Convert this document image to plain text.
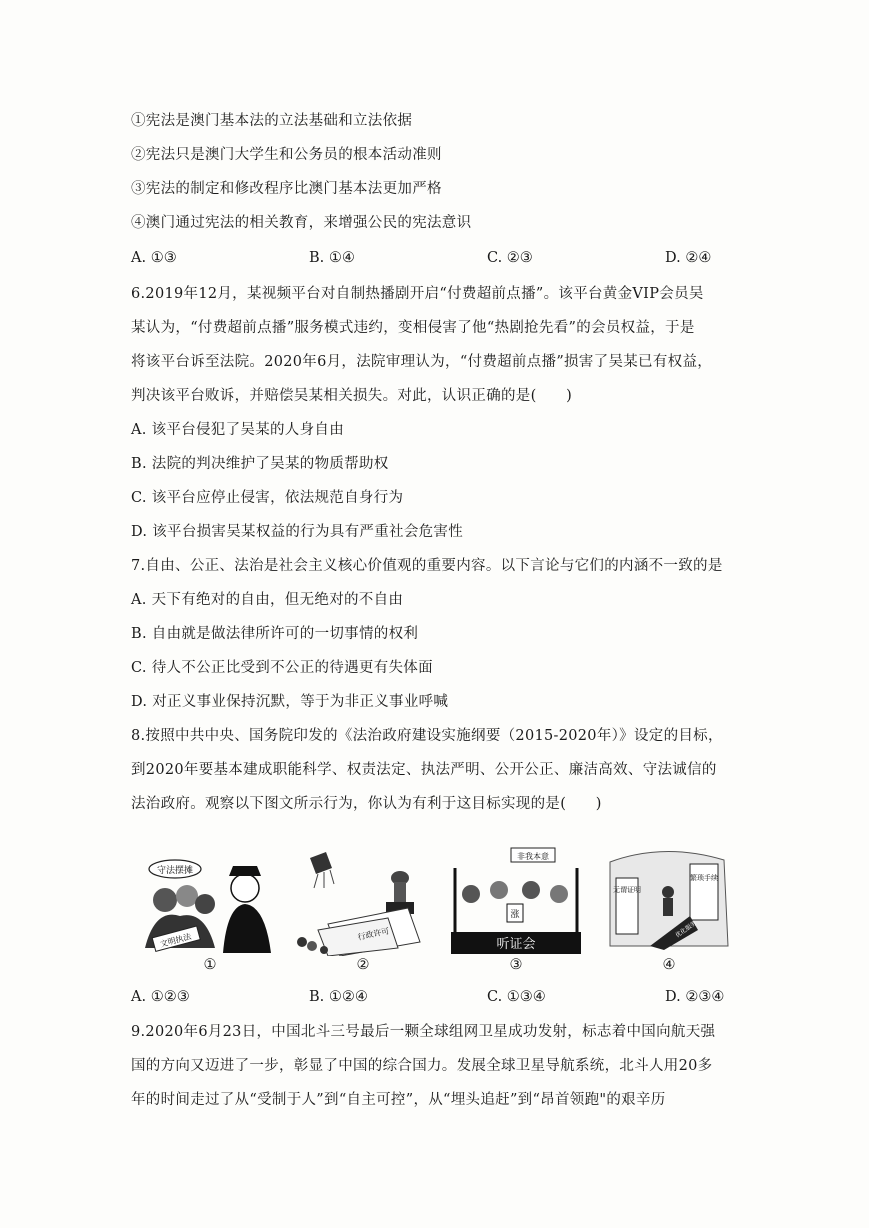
①宪法是澳门基本法的立法基础和立法依据
②宪法只是澳门大学生和公务员的根本活动准则
③宪法的制定和修改程序比澳门基本法更加严格
④澳门通过宪法的相关教育，来增强公民的宪法意识
A. ①③	B. ①④	C. ②③	D. ②④
6.2019年12月，某视频平台对自制热播剧开启“付费超前点播”。该平台黄金VIP会员吴
某认为，“付费超前点播”服务模式违约，变相侵害了他“热剧抢先看”的会员权益，于是
将该平台诉至法院。2020年6月，法院审理认为，“付费超前点播”损害了吴某已有权益，
判决该平台败诉，并赔偿吴某相关损失。对此，认识正确的是(　　)
A. 该平台侵犯了吴某的人身自由
B. 法院的判决维护了吴某的物质帮助权
C. 该平台应停止侵害，依法规范自身行为
D. 该平台损害吴某权益的行为具有严重社会危害性
7.自由、公正、法治是社会主义核心价值观的重要内容。以下言论与它们的内涵不一致的是
A. 天下有绝对的自由，但无绝对的不自由
B. 自由就是做法律所许可的一切事情的权利
C. 待人不公正比受到不公正的待遇更有失体面
D. 对正义事业保持沉默，等于为非正义事业呼喊
8.按照中共中央、国务院印发的《法治政府建设实施纲要（2015-2020年）》设定的目标，
到2020年要基本建成职能科学、权责法定、执法严明、公开公正、廉洁高效、守法诚信的
法治政府。观察以下图文所示行为，你认为有利于这目标实现的是(　　)
守法摆摊
文明执法
①
行政许可
②
非我本意
涨
听证会
③
无谓证明
繁琐手续
优化服务
④
A. ①②③	B. ①②④	C. ①③④	D. ②③④
9.2020年6月23日，中国北斗三号最后一颗全球组网卫星成功发射，标志着中国向航天强
国的方向又迈进了一步，彰显了中国的综合国力。发展全球卫星导航系统，北斗人用20多
年的时间走过了从“受制于人”到“自主可控”，从“埋头追赶”到“昂首领跑"的艰辛历
